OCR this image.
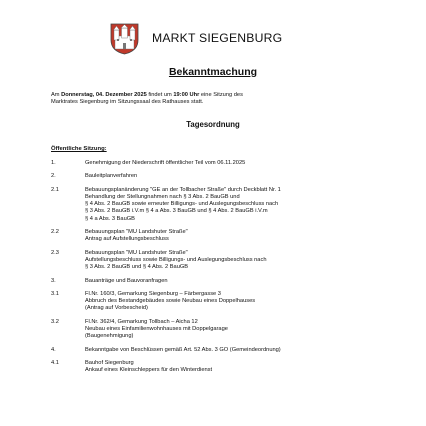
MARKT SIEGENBURG
Bekanntmachung
Am Donnerstag, 04. Dezember 2025 findet um 19:00 Uhr eine Sitzung des
Marktrates Siegenburg im Sitzungssaal des Rathauses statt.
Tagesordnung
Öffentliche Sitzung:
1.	Genehmigung der Niederschrift öffentlicher Teil vom 06.11.2025
2.	Bauleitplanverfahren
2.1	Bebauungsplanänderung "GE an der Tollbacher Straße" durch Deckblatt Nr. 1
Behandlung der Stellungnahmen nach § 3 Abs. 2 BauGB und
§ 4 Abs. 2 BauGB sowie erneuter Billigungs- und Auslegungsbeschluss nach
§ 3 Abs. 2 BauGB i.V.m § 4 a Abs. 3 BauGB und § 4 Abs. 2 BauGB i.V.m
§ 4 a Abs. 3 BauGB
2.2	Bebauungsplan "MU Landshuter Straße"
Antrag auf Aufstellungsbeschluss
2.3	Bebauungsplan "MU Landshuter Straße"
Aufstellungsbeschluss sowie Billigungs- und Auslegungsbeschluss nach
§ 3 Abs. 2 BauGB und § 4 Abs. 2 BauGB
3.	Bauanträge und Bauvoranfragen
3.1	Fl.Nr. 160/3, Gemarkung Siegenburg – Färbergasse 3
Abbruch des Bestandgebäudes sowie Neubau eines Doppelhauses
(Antrag auf Vorbescheid)
3.2	Fl.Nr. 362/4, Gemarkung Tollbach – Aicha 12
Neubau eines Einfamilienwohnhauses mit Doppelgarage
(Baugenehmigung)
4.	Bekanntgabe von Beschlüssen gemäß Art. 52 Abs. 3 GO (Gemeindeordnung)
4.1	Bauhof Siegenburg
Ankauf eines Kleinschleppers für den Winterdienst
